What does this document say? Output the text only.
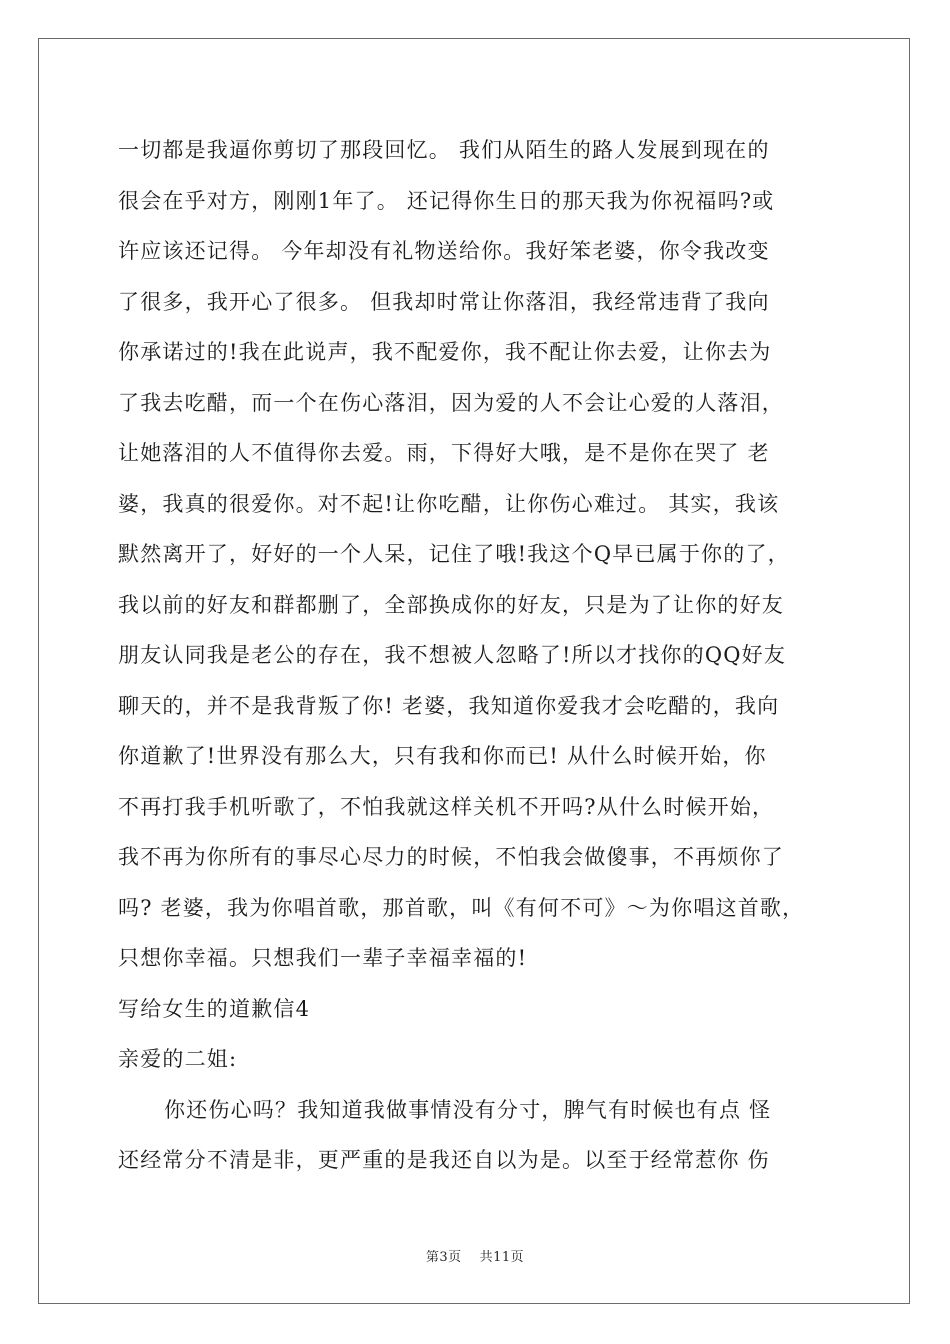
一切都是我逼你剪切了那段回忆。 我们从陌生的路人发展到现在的
很会在乎对方，刚刚1年了。 还记得你生日的那天我为你祝福吗?或
许应该还记得。 今年却没有礼物送给你。我好笨老婆，你令我改变
了很多，我开心了很多。 但我却时常让你落泪，我经常违背了我向
你承诺过的!我在此说声，我不配爱你，我不配让你去爱，让你去为
了我去吃醋，而一个在伤心落泪，因为爱的人不会让心爱的人落泪，
让她落泪的人不值得你去爱。雨，下得好大哦，是不是你在哭了 老
婆，我真的很爱你。对不起!让你吃醋，让你伤心难过。 其实，我该
默然离开了，好好的一个人呆，记住了哦!我这个Q早已属于你的了，
我以前的好友和群都删了，全部换成你的好友，只是为了让你的好友
朋友认同我是老公的存在，我不想被人忽略了!所以才找你的QQ好友
聊天的，并不是我背叛了你! 老婆，我知道你爱我才会吃醋的，我向
你道歉了!世界没有那么大，只有我和你而已! 从什么时候开始，你
不再打我手机听歌了，不怕我就这样关机不开吗?从什么时候开始，
我不再为你所有的事尽心尽力的时候，不怕我会做傻事，不再烦你了
吗? 老婆，我为你唱首歌，那首歌，叫《有何不可》～为你唱这首歌，
只想你幸福。只想我们一辈子幸福幸福的!
写给女生的道歉信4
亲爱的二姐:
你还伤心吗？我知道我做事情没有分寸，脾气有时候也有点 怪
还经常分不清是非，更严重的是我还自以为是。以至于经常惹你 伤
第3页 共11页
